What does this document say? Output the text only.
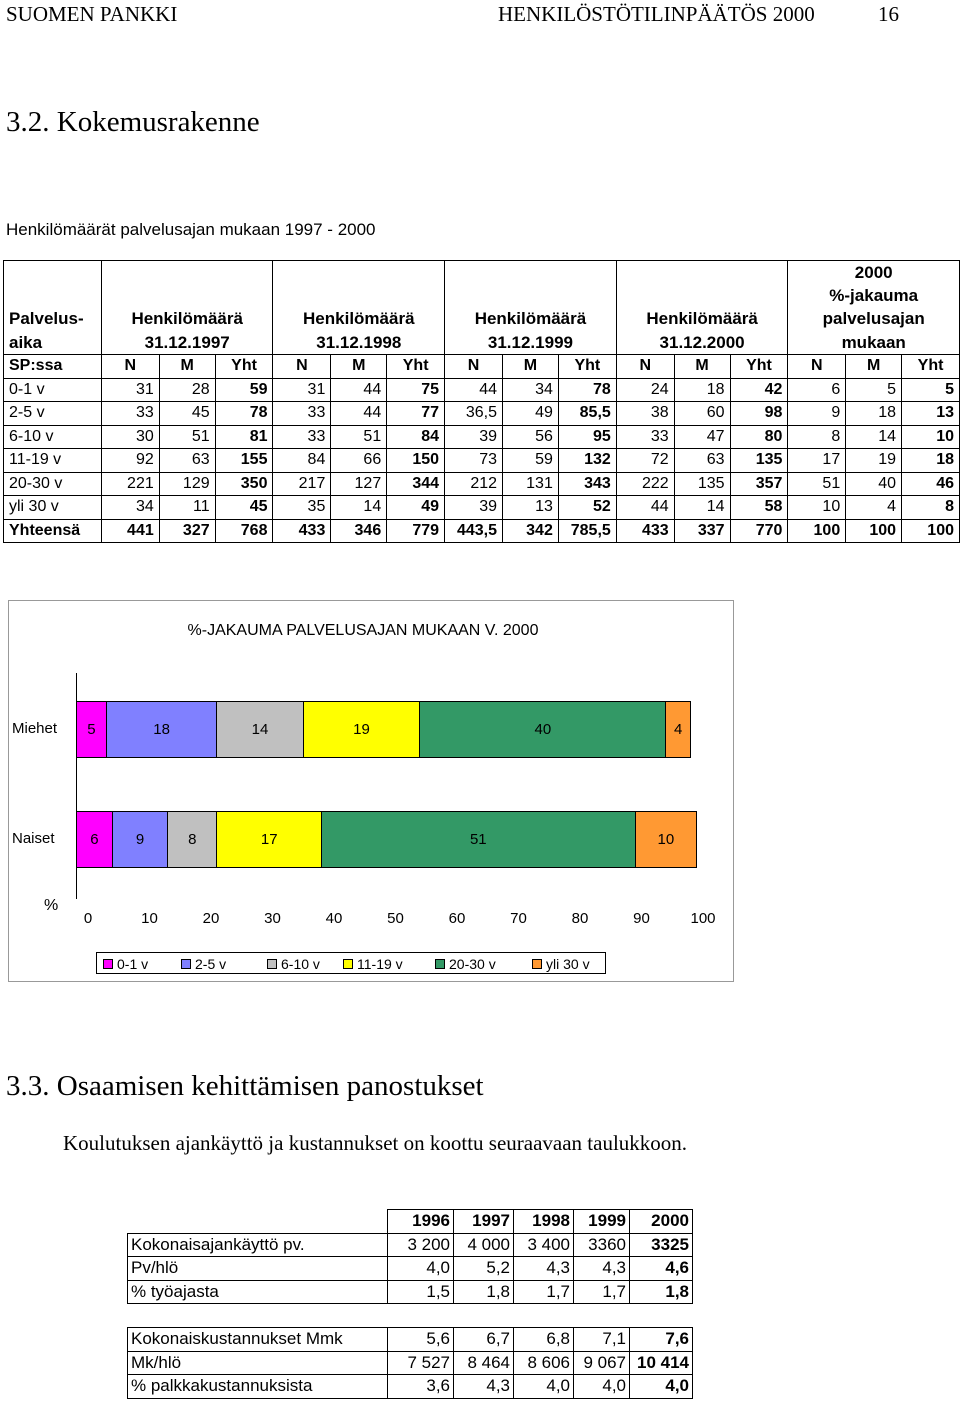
SUOMEN PANKKI	HENKILÖSTÖTILINPÄÄTÖS 2000	16
3.2. Kokemusrakenne
Henkilömäärät palvelusajan mukaan 1997 - 2000
													2000		
													%-jakauma		
Palvelus-	Henkilömäärä			Henkilömäärä			Henkilömäärä			Henkilömäärä			palvelusajan		
aika	31.12.1997			31.12.1998			31.12.1999			31.12.2000			mukaan		
SP:ssa	N	M	Yht	N	M	Yht	N	M	Yht	N	M	Yht	N	M	Yht
0-1 v	31	28	59	31	44	75	44	34	78	24	18	42	6	5	5
2-5 v	33	45	78	33	44	77	36,5	49	85,5	38	60	98	9	18	13
6-10 v	30	51	81	33	51	84	39	56	95	33	47	80	8	14	10
11-19 v	92	63	155	84	66	150	73	59	132	72	63	135	17	19	18
20-30 v	221	129	350	217	127	344	212	131	343	222	135	357	51	40	46
yli 30 v	34	11	45	35	14	49	39	13	52	44	14	58	10	4	8
Yhteensä	441	327	768	433	346	779	443,5	342	785,5	433	337	770	100	100	100
%-JAKAUMA PALVELUSAJAN MUKAAN V. 2000
Miehet 5	18	14	19	40	4
Naiset 6 9	8	17	51	10
%
0	10	20	30	40	50	60	70	80	90	100
0-1 v	2-5 v	6-10 v	11-19 v	20-30 v	yli 30 v
3.3. Osaamisen kehittämisen panostukset
Koulutuksen ajankäyttö ja kustannukset on koottu seuraavaan taulukkoon.
	1996	1997	1998	1999	2000
Kokonaisajankäyttö pv.	3 200	4 000	3 400	3360	3325
Pv/hlö	4,0	5,2	4,3	4,3	4,6
% työajasta	1,5	1,8	1,7	1,7	1,8
Kokonaiskustannukset Mmk	5,6	6,7	6,8	7,1	7,6
Mk/hlö	7 527	8 464	8 606	9 067	10 414
% palkkakustannuksista	3,6	4,3	4,0	4,0	4,0
